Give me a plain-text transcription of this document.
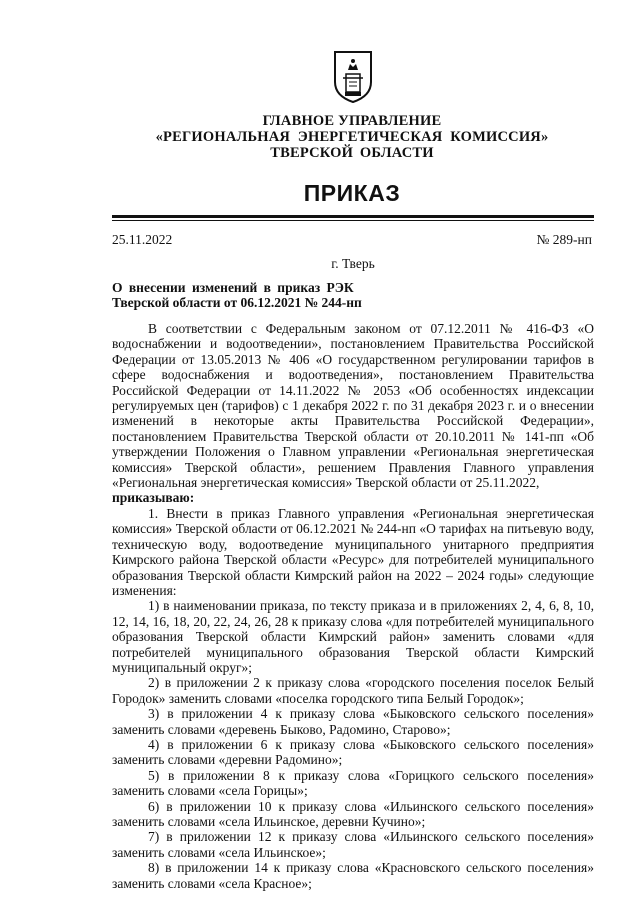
ГЛАВНОЕ УПРАВЛЕНИЕ
«РЕГИОНАЛЬНАЯ ЭНЕРГЕТИЧЕСКАЯ КОМИССИЯ»
ТВЕРСКОЙ ОБЛАСТИ
ПРИКАЗ
25.11.2022	№ 289-нп
г. Тверь
О внесении изменений в приказ РЭК
Тверской области от 06.12.2021 № 244-нп

В соответствии с Федеральным законом от 07.12.2011 № 416-ФЗ «О водоснабжении и водоотведении», постановлением Правительства Российской Федерации от 13.05.2013 № 406 «О государственном регулировании тарифов в сфере водоснабжения и водоотведения», постановлением Правительства Российской Федерации от 14.11.2022 № 2053 «Об особенностях индексации регулируемых цен (тарифов) с 1 декабря 2022 г. по 31 декабря 2023 г. и о внесении изменений в некоторые акты Правительства Российской Федерации», постановлением Правительства Тверской области от 20.10.2011 № 141-пп «Об утверждении Положения о Главном управлении «Региональная энергетическая комиссия» Тверской области», решением Правления Главного управления «Региональная энергетическая комиссия» Тверской области от 25.11.2022,

приказываю:

1. Внести в приказ Главного управления «Региональная энергетическая комиссия» Тверской области от 06.12.2021 № 244-нп «О тарифах на питьевую воду, техническую воду, водоотведение муниципального унитарного предприятия Кимрского района Тверской области «Ресурс» для потребителей муниципального образования Тверской области Кимрский район на 2022 – 2024 годы» следующие изменения:

1) в наименовании приказа, по тексту приказа и в приложениях 2, 4, 6, 8, 10, 12, 14, 16, 18, 20, 22, 24, 26, 28 к приказу слова «для потребителей муниципального образования Тверской области Кимрский район» заменить словами «для потребителей муниципального образования Тверской области Кимрский муниципальный округ»;

2) в приложении 2 к приказу слова «городского поселения поселок Белый Городок» заменить словами «поселка городского типа Белый Городок»;

3) в приложении 4 к приказу слова «Быковского сельского поселения» заменить словами «деревень Быково, Радомино, Старово»;

4) в приложении 6 к приказу слова «Быковского сельского поселения» заменить словами «деревни Радомино»;

5) в приложении 8 к приказу слова «Горицкого сельского поселения» заменить словами «села Горицы»;

6) в приложении 10 к приказу слова «Ильинского сельского поселения» заменить словами «села Ильинское, деревни Кучино»;

7) в приложении 12 к приказу слова «Ильинского сельского поселения» заменить словами «села Ильинское»;

8) в приложении 14 к приказу слова «Красновского сельского поселения» заменить словами «села Красное»;
